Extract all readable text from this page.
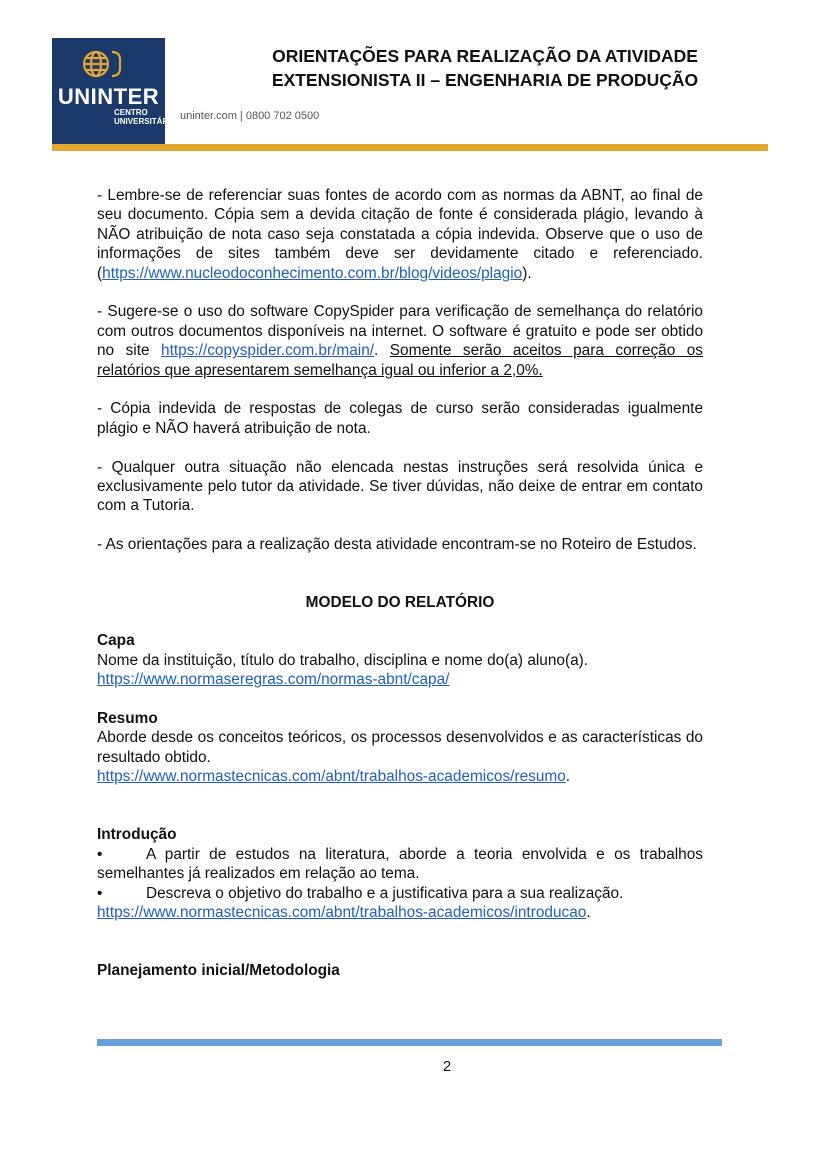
UNINTER
CENTRO
UNIVERSITÁRIO
ORIENTAÇÕES PARA REALIZAÇÃO DA ATIVIDADE
EXTENSIONISTA II – ENGENHARIA DE PRODUÇÃO
uninter.com | 0800 702 0500

- Lembre-se de referenciar suas fontes de acordo com as normas da ABNT, ao final de seu documento. Cópia sem a devida citação de fonte é considerada plágio, levando à NÃO atribuição de nota caso seja constatada a cópia indevida. Observe que o uso de informações de sites também deve ser devidamente citado e referenciado. (https://www.nucleodoconhecimento.com.br/blog/videos/plagio).

- Sugere-se o uso do software CopySpider para verificação de semelhança do relatório com outros documentos disponíveis na internet. O software é gratuito e pode ser obtido no site https://copyspider.com.br/main/. Somente serão aceitos para correção os relatórios que apresentarem semelhança igual ou inferior a 2,0%.

- Cópia indevida de respostas de colegas de curso serão consideradas igualmente plágio e NÃO haverá atribuição de nota.

- Qualquer outra situação não elencada nestas instruções será resolvida única e exclusivamente pelo tutor da atividade. Se tiver dúvidas, não deixe de entrar em contato com a Tutoria.

- As orientações para a realização desta atividade encontram-se no Roteiro de Estudos.

MODELO DO RELATÓRIO
Capa
Nome da instituição, título do trabalho, disciplina e nome do(a) aluno(a).
https://www.normaseregras.com/normas-abnt/capa/
Resumo
Aborde desde os conceitos teóricos, os processos desenvolvidos e as características do resultado obtido.
https://www.normastecnicas.com/abnt/trabalhos-academicos/resumo.
Introdução
•	A partir de estudos na literatura, aborde a teoria envolvida e os trabalhos semelhantes já realizados em relação ao tema.
•	Descreva o objetivo do trabalho e a justificativa para a sua realização.
https://www.normastecnicas.com/abnt/trabalhos-academicos/introducao.
Planejamento inicial/Metodologia
2
